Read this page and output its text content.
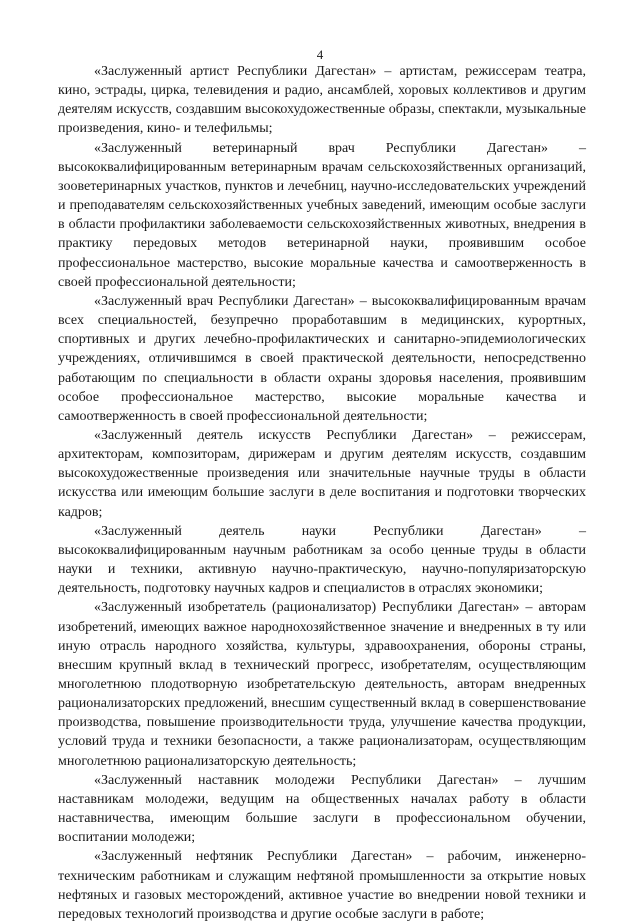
4

«Заслуженный артист Республики Дагестан» – артистам, режиссерам театра, кино, эстрады, цирка, телевидения и радио, ансамблей, хоровых коллективов и другим деятелям искусств, создавшим высокохудожественные образы, спектакли, музыкальные произведения, кино- и телефильмы;

«Заслуженный ветеринарный врач Республики Дагестан» – высококвалифицированным ветеринарным врачам сельскохозяйственных организаций, зооветеринарных участков, пунктов и лечебниц, научно-исследовательских учреждений и преподавателям сельскохозяйственных учебных заведений, имеющим особые заслуги в области профилактики заболеваемости сельскохозяйственных животных, внедрения в практику передовых методов ветеринарной науки, проявившим особое профессиональное мастерство, высокие моральные качества и самоотверженность в своей профессиональной деятельности;

«Заслуженный врач Республики Дагестан» – высококвалифицированным врачам всех специальностей, безупречно проработавшим в медицинских, курортных, спортивных и других лечебно-профилактических и санитарно-эпидемиологических учреждениях, отличившимся в своей практической деятельности, непосредственно работающим по специальности в области охраны здоровья населения, проявившим особое профессиональное мастерство, высокие моральные качества и самоотверженность в своей профессиональной деятельности;

«Заслуженный деятель искусств Республики Дагестан» – режиссерам, архитекторам, композиторам, дирижерам и другим деятелям искусств, создавшим высокохудожественные произведения или значительные научные труды в области искусства или имеющим большие заслуги в деле воспитания и подготовки творческих кадров;

«Заслуженный деятель науки Республики Дагестан» – высококвалифицированным научным работникам за особо ценные труды в области науки и техники, активную научно-практическую, научно-популяризаторскую деятельность, подготовку научных кадров и специалистов в отраслях экономики;

«Заслуженный изобретатель (рационализатор) Республики Дагестан» – авторам изобретений, имеющих важное народнохозяйственное значение и внедренных в ту или иную отрасль народного хозяйства, культуры, здравоохранения, обороны страны, внесшим крупный вклад в технический прогресс, изобретателям, осуществляющим многолетнюю плодотворную изобретательскую деятельность, авторам внедренных рационализаторских предложений, внесшим существенный вклад в совершенствование производства, повышение производительности труда, улучшение качества продукции, условий труда и техники безопасности, а также рационализаторам, осуществляющим многолетнюю рационализаторскую деятельность;

«Заслуженный наставник молодежи Республики Дагестан» – лучшим наставникам молодежи, ведущим на общественных началах работу в области наставничества, имеющим большие заслуги в профессиональном обучении, воспитании молодежи;

«Заслуженный нефтяник Республики Дагестан» – рабочим, инженерно-техническим работникам и служащим нефтяной промышленности за открытие новых нефтяных и газовых месторождений, активное участие во внедрении новой техники и передовых технологий производства и другие особые заслуги в работе;
